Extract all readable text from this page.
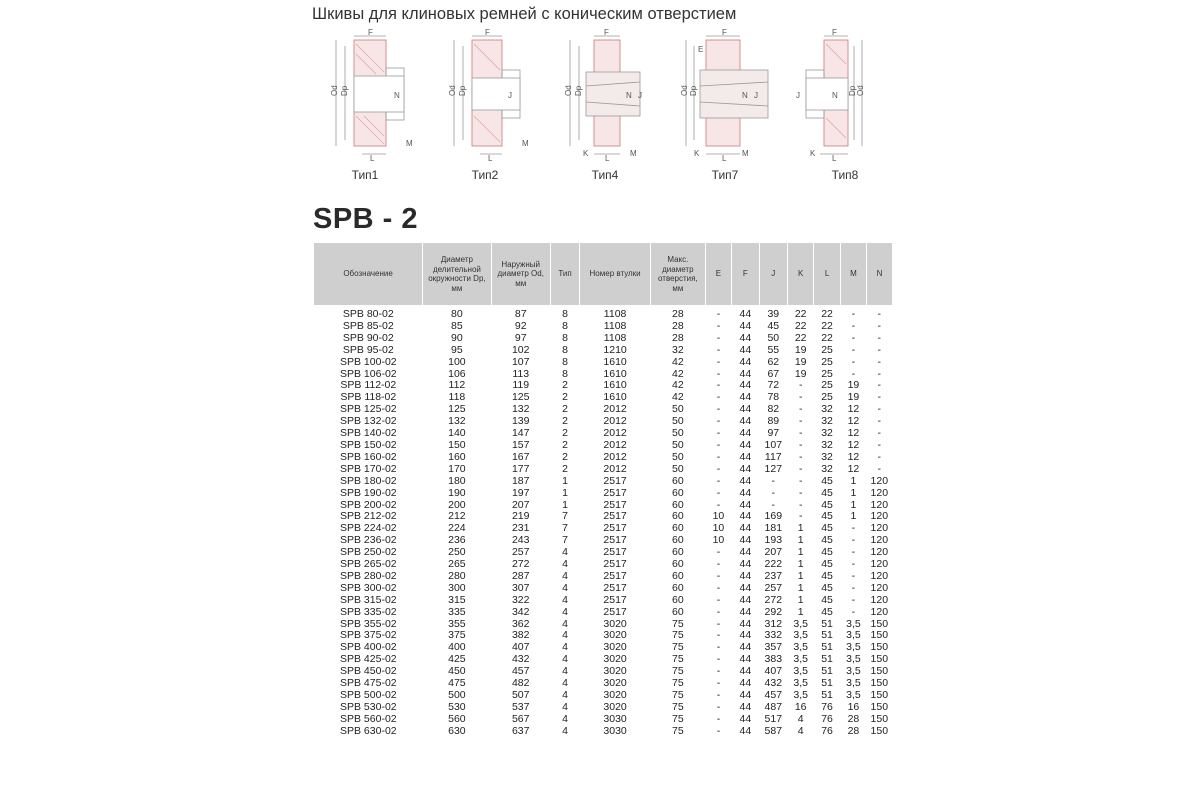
Шкивы для клиновых ремней с коническим отверстием
F
L
M
N
Od Dp
Тип1
F
L
M
J
Od Dp
Тип2
F
L
K	M
N J
Od Dp
Тип4
F
E
L
K	M
N J
Od Dp
Тип7
F
L
K
J	N Dp Od
Тип8
SPB - 2
Обозначение	Диаметр делительной окружности Dp, мм	Наружный диаметр Od, мм	Тип	Номер втулки	Макс. диаметр отверстия, мм	E	F	J	K	L	M	N
SPB 80-02	80	87	8	1108	28	-	44	39	22	22	-	-
SPB 85-02	85	92	8	1108	28	-	44	45	22	22	-	-
SPB 90-02	90	97	8	1108	28	-	44	50	22	22	-	-
SPB 95-02	95	102	8	1210	32	-	44	55	19	25	-	-
SPB 100-02	100	107	8	1610	42	-	44	62	19	25	-	-
SPB 106-02	106	113	8	1610	42	-	44	67	19	25	-	-
SPB 112-02	112	119	2	1610	42	-	44	72	-	25	19	-
SPB 118-02	118	125	2	1610	42	-	44	78	-	25	19	-
SPB 125-02	125	132	2	2012	50	-	44	82	-	32	12	-
SPB 132-02	132	139	2	2012	50	-	44	89	-	32	12	-
SPB 140-02	140	147	2	2012	50	-	44	97	-	32	12	-
SPB 150-02	150	157	2	2012	50	-	44	107	-	32	12	-
SPB 160-02	160	167	2	2012	50	-	44	117	-	32	12	-
SPB 170-02	170	177	2	2012	50	-	44	127	-	32	12	-
SPB 180-02	180	187	1	2517	60	-	44	-	-	45	1	120
SPB 190-02	190	197	1	2517	60	-	44	-	-	45	1	120
SPB 200-02	200	207	1	2517	60	-	44	-	-	45	1	120
SPB 212-02	212	219	7	2517	60	10	44	169	-	45	1	120
SPB 224-02	224	231	7	2517	60	10	44	181	1	45	-	120
SPB 236-02	236	243	7	2517	60	10	44	193	1	45	-	120
SPB 250-02	250	257	4	2517	60	-	44	207	1	45	-	120
SPB 265-02	265	272	4	2517	60	-	44	222	1	45	-	120
SPB 280-02	280	287	4	2517	60	-	44	237	1	45	-	120
SPB 300-02	300	307	4	2517	60	-	44	257	1	45	-	120
SPB 315-02	315	322	4	2517	60	-	44	272	1	45	-	120
SPB 335-02	335	342	4	2517	60	-	44	292	1	45	-	120
SPB 355-02	355	362	4	3020	75	-	44	312	3,5	51	3,5	150
SPB 375-02	375	382	4	3020	75	-	44	332	3,5	51	3,5	150
SPB 400-02	400	407	4	3020	75	-	44	357	3,5	51	3,5	150
SPB 425-02	425	432	4	3020	75	-	44	383	3,5	51	3,5	150
SPB 450-02	450	457	4	3020	75	-	44	407	3,5	51	3,5	150
SPB 475-02	475	482	4	3020	75	-	44	432	3,5	51	3,5	150
SPB 500-02	500	507	4	3020	75	-	44	457	3,5	51	3,5	150
SPB 530-02	530	537	4	3020	75	-	44	487	16	76	16	150
SPB 560-02	560	567	4	3030	75	-	44	517	4	76	28	150
SPB 630-02	630	637	4	3030	75	-	44	587	4	76	28	150
